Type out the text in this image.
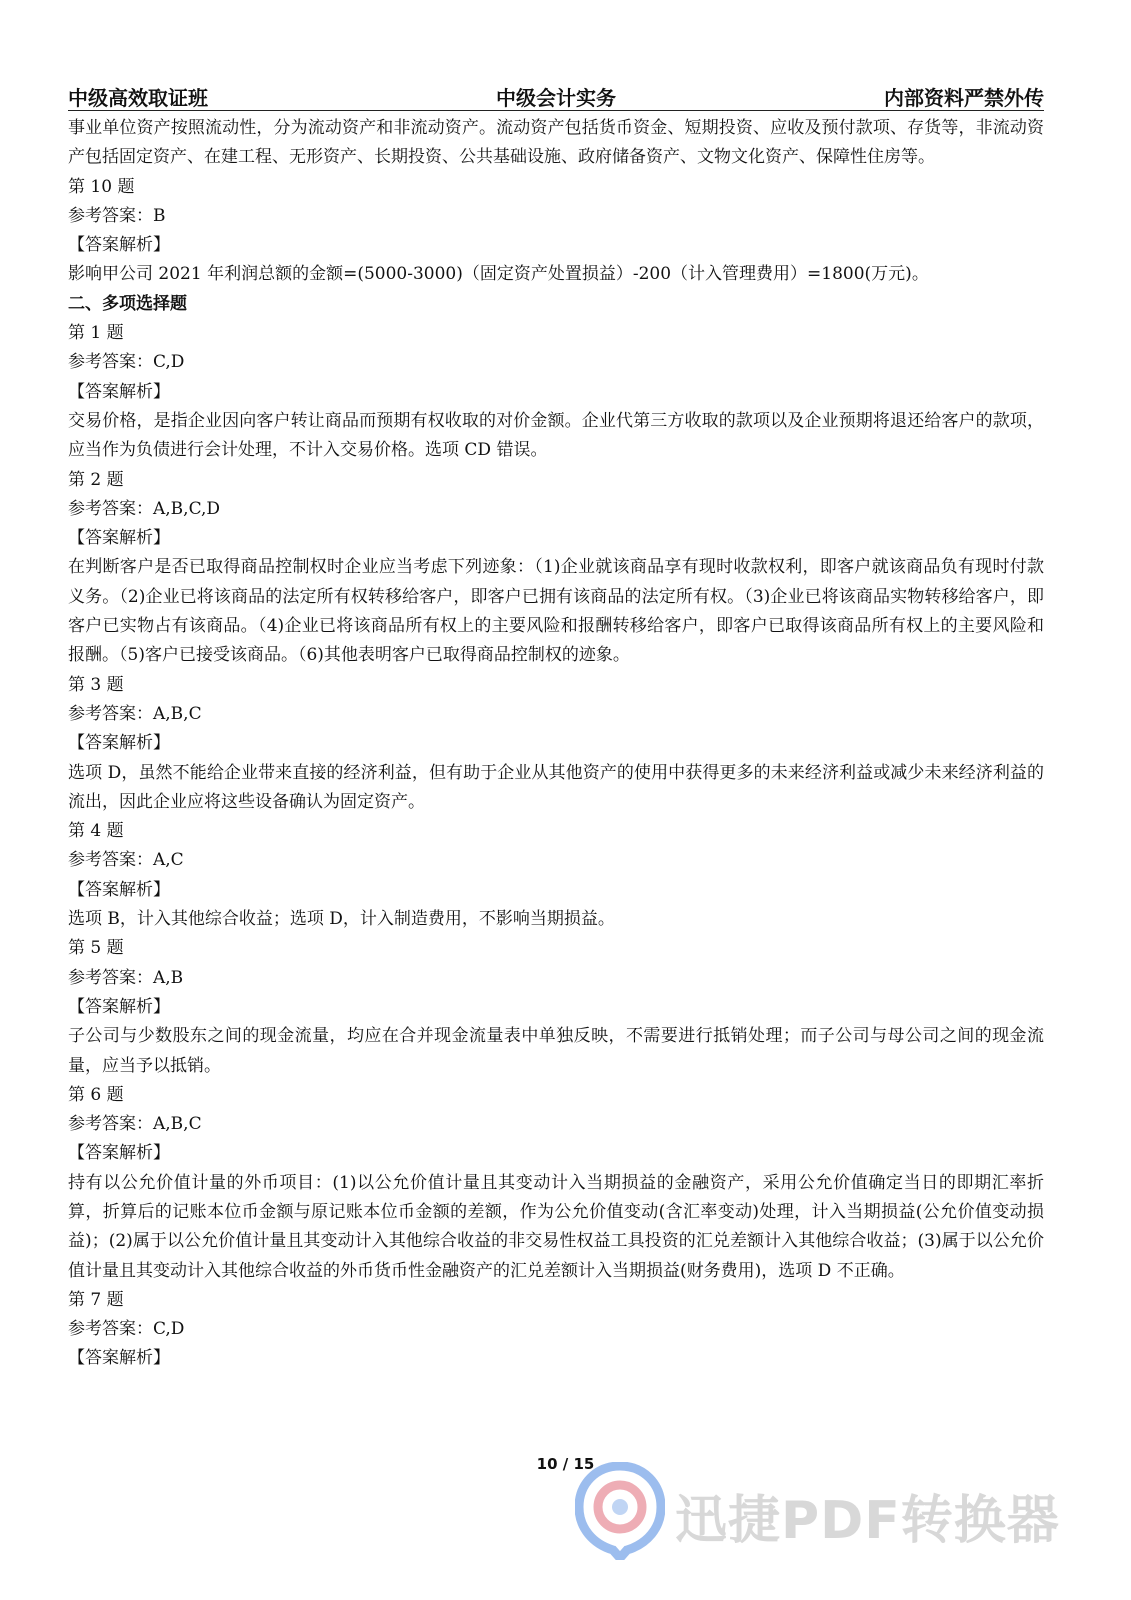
中级高效取证班	中级会计实务	内部资料严禁外传

事业单位资产按照流动性，分为流动资产和非流动资产。流动资产包括货币资金、短期投资、应收及预付款项、存货等，非流动资产包括固定资产、在建工程、无形资产、长期投资、公共基础设施、政府储备资产、文物文化资产、保障性住房等。

第 10 题

参考答案：B

【答案解析】

影响甲公司 2021 年利润总额的金额=(5000-3000)（固定资产处置损益）-200（计入管理费用）=1800(万元)。

二、多项选择题

第 1 题

参考答案：C,D

【答案解析】

交易价格，是指企业因向客户转让商品而预期有权收取的对价金额。企业代第三方收取的款项以及企业预期将退还给客户的款项，应当作为负债进行会计处理，不计入交易价格。选项 CD 错误。

第 2 题

参考答案：A,B,C,D

【答案解析】

在判断客户是否已取得商品控制权时企业应当考虑下列迹象：（1)企业就该商品享有现时收款权利，即客户就该商品负有现时付款义务。（2)企业已将该商品的法定所有权转移给客户，即客户已拥有该商品的法定所有权。（3)企业已将该商品实物转移给客户，即客户已实物占有该商品。（4)企业已将该商品所有权上的主要风险和报酬转移给客户，即客户已取得该商品所有权上的主要风险和报酬。（5)客户已接受该商品。（6)其他表明客户已取得商品控制权的迹象。

第 3 题

参考答案：A,B,C

【答案解析】

选项 D，虽然不能给企业带来直接的经济利益，但有助于企业从其他资产的使用中获得更多的未来经济利益或减少未来经济利益的流出，因此企业应将这些设备确认为固定资产。

第 4 题

参考答案：A,C

【答案解析】

选项 B，计入其他综合收益；选项 D，计入制造费用，不影响当期损益。

第 5 题

参考答案：A,B

【答案解析】

子公司与少数股东之间的现金流量，均应在合并现金流量表中单独反映，不需要进行抵销处理；而子公司与母公司之间的现金流量，应当予以抵销。

第 6 题

参考答案：A,B,C

【答案解析】

持有以公允价值计量的外币项目：(1)以公允价值计量且其变动计入当期损益的金融资产，采用公允价值确定当日的即期汇率折算，折算后的记账本位币金额与原记账本位币金额的差额，作为公允价值变动(含汇率变动)处理，计入当期损益(公允价值变动损益)；(2)属于以公允价值计量且其变动计入其他综合收益的非交易性权益工具投资的汇兑差额计入其他综合收益；(3)属于以公允价值计量且其变动计入其他综合收益的外币货币性金融资产的汇兑差额计入当期损益(财务费用)，选项 D 不正确。

第 7 题

参考答案：C,D

【答案解析】

10 / 15
迅捷PDF转换器
